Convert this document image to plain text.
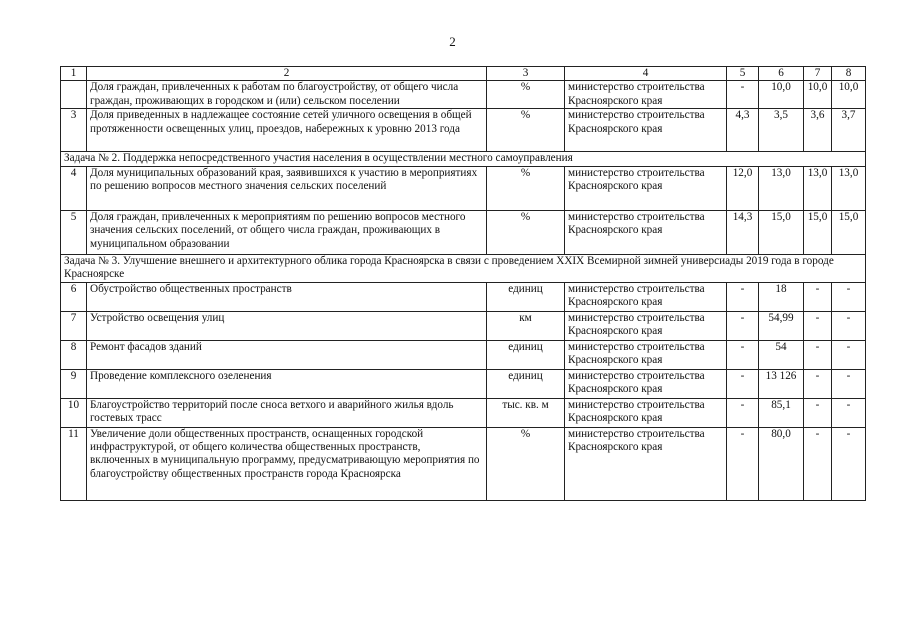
2
1	2	3	4	5	6	7	8
	Доля граждан, привлеченных к работам по благоустройству, от общего числа граждан, проживающих в городском и (или) сельском поселении	%	министерство строительства Красноярского края	-	10,0	10,0	10,0
3	Доля приведенных в надлежащее состояние сетей уличного освещения в общей протяженности освещенных улиц, проездов, набережных к уровню 2013 года	%	министерство строительства Красноярского края	4,3	3,5	3,6	3,7
Задача № 2. Поддержка непосредственного участия населения в осуществлении местного самоуправления							
4	Доля муниципальных образований края, заявившихся к участию в мероприятиях по решению вопросов местного значения сельских поселений	%	министерство строительства Красноярского края	12,0	13,0	13,0	13,0
5	Доля граждан, привлеченных к мероприятиям по решению вопросов местного значения сельских поселений, от общего числа граждан, проживающих в муниципальном образовании	%	министерство строительства Красноярского края	14,3	15,0	15,0	15,0
Задача № 3. Улучшение внешнего и архитектурного облика города Красноярска в связи с проведением XXIX Всемирной зимней универсиады 2019 года в городе Красноярске							
6	Обустройство общественных пространств	единиц	министерство строительства Красноярского края	-	18	-	-
7	Устройство освещения улиц	км	министерство строительства Красноярского края	-	54,99	-	-
8	Ремонт фасадов зданий	единиц	министерство строительства Красноярского края	-	54	-	-
9	Проведение комплексного озеленения	единиц	министерство строительства Красноярского края	-	13 126	-	-
10	Благоустройство территорий после сноса ветхого и аварийного жилья вдоль гостевых трасс	тыс. кв. м	министерство строительства Красноярского края	-	85,1	-	-
11	Увеличение доли общественных пространств, оснащенных городской инфраструктурой, от общего количества общественных пространств, включенных в муниципальную программу, предусматривающую мероприятия по благоустройству общественных пространств города Красноярска	%	министерство строительства Красноярского края	-	80,0	-	-
